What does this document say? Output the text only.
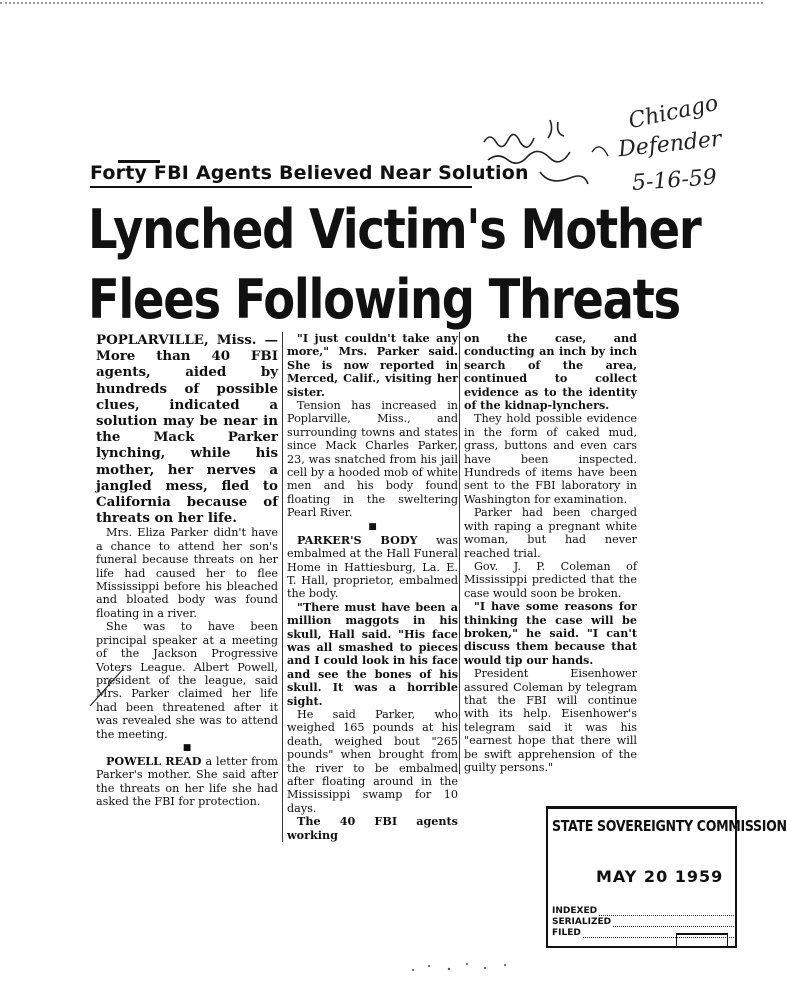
Chicago
Defender
5-16-59
Forty FBI Agents Believed Near Solution
Lynched Victim's Mother
Flees Following Threats

POPLARVILLE, Miss. — More than 40 FBI agents, aided by hundreds of possible clues, indicated a solution may be near in the Mack Parker lynching, while his mother, her nerves a jangled mess, fled to California because of threats on her life.

Mrs. Eliza Parker didn't have a chance to attend her son's funeral because threats on her life had caused her to flee Mississippi before his bleached and bloated body was found floating in a river.

She was to have been principal speaker at a meeting of the Jackson Progressive Voters League. Albert Powell, president of the league, said Mrs. Parker claimed her life had been threatened after it was revealed she was to attend the meeting.

■

POWELL READ a letter from Parker's mother. She said after the threats on her life she had asked the FBI for protection.

"I just couldn't take any more," Mrs. Parker said. She is now reported in Merced, Calif., visiting her sister.

Tension has increased in Poplarville, Miss., and surrounding towns and states since Mack Charles Parker, 23, was snatched from his jail cell by a hooded mob of white men and his body found floating in the sweltering Pearl River.

■

PARKER'S BODY was embalmed at the Hall Funeral Home in Hattiesburg, La. E. T. Hall, proprietor, embalmed the body.

"There must have been a million maggots in his skull, Hall said. "His face was all smashed to pieces and I could look in his face and see the bones of his skull. It was a horrible sight.

He said Parker, who weighed 165 pounds at his death, weighed bout "265 pounds" when brought from the river to be embalmed after floating around in the Mississippi swamp for 10 days.

The 40 FBI agents working

on the case, and conducting an inch by inch search of the area, continued to collect evidence as to the identity of the kidnap-lynchers.

They hold possible evidence in the form of caked mud, grass, buttons and even cars have been inspected. Hundreds of items have been sent to the FBI laboratory in Washington for examination.

Parker had been charged with raping a pregnant white woman, but had never reached trial.

Gov. J. P. Coleman of Mississippi predicted that the case would soon be broken.

"I have some reasons for thinking the case will be broken," he said. "I can't discuss them because that would tip our hands.

President Eisenhower assured Coleman by telegram that the FBI will continue with its help. Eisenhower's telegram said it was his "earnest hope that there will be swift apprehension of the guilty persons."

STATE SOVEREIGNTY COMMISSION
MAY 20 1959
INDEXED
SERIALIZED
FILED
